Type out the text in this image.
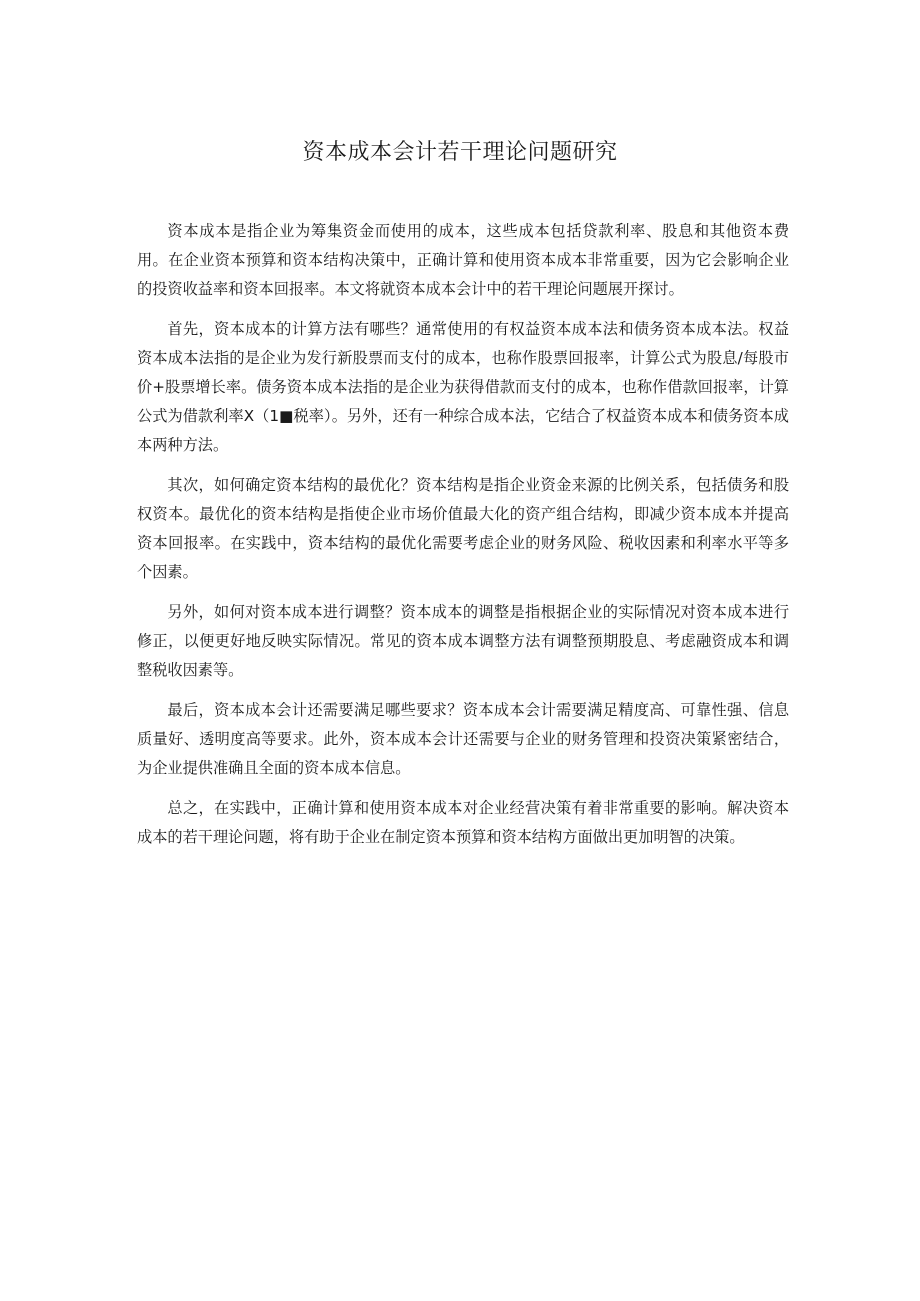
资本成本会计若干理论问题研究

资本成本是指企业为筹集资金而使用的成本，这些成本包括贷款利率、股息和其他资本费用。在企业资本预算和资本结构决策中，正确计算和使用资本成本非常重要，因为它会影响企业的投资收益率和资本回报率。本文将就资本成本会计中的若干理论问题展开探讨。

首先，资本成本的计算方法有哪些？通常使用的有权益资本成本法和债务资本成本法。权益资本成本法指的是企业为发行新股票而支付的成本，也称作股票回报率，计算公式为股息/每股市价+股票增长率。债务资本成本法指的是企业为获得借款而支付的成本，也称作借款回报率，计算公式为借款利率X（1■税率）。另外，还有一种综合成本法，它结合了权益资本成本和债务资本成本两种方法。

其次，如何确定资本结构的最优化？资本结构是指企业资金来源的比例关系，包括债务和股权资本。最优化的资本结构是指使企业市场价值最大化的资产组合结构，即减少资本成本并提高资本回报率。在实践中，资本结构的最优化需要考虑企业的财务风险、税收因素和利率水平等多个因素。

另外，如何对资本成本进行调整？资本成本的调整是指根据企业的实际情况对资本成本进行修正，以便更好地反映实际情况。常见的资本成本调整方法有调整预期股息、考虑融资成本和调整税收因素等。

最后，资本成本会计还需要满足哪些要求？资本成本会计需要满足精度高、可靠性强、信息质量好、透明度高等要求。此外，资本成本会计还需要与企业的财务管理和投资决策紧密结合，为企业提供准确且全面的资本成本信息。

总之，在实践中，正确计算和使用资本成本对企业经营决策有着非常重要的影响。解决资本成本的若干理论问题，将有助于企业在制定资本预算和资本结构方面做出更加明智的决策。
